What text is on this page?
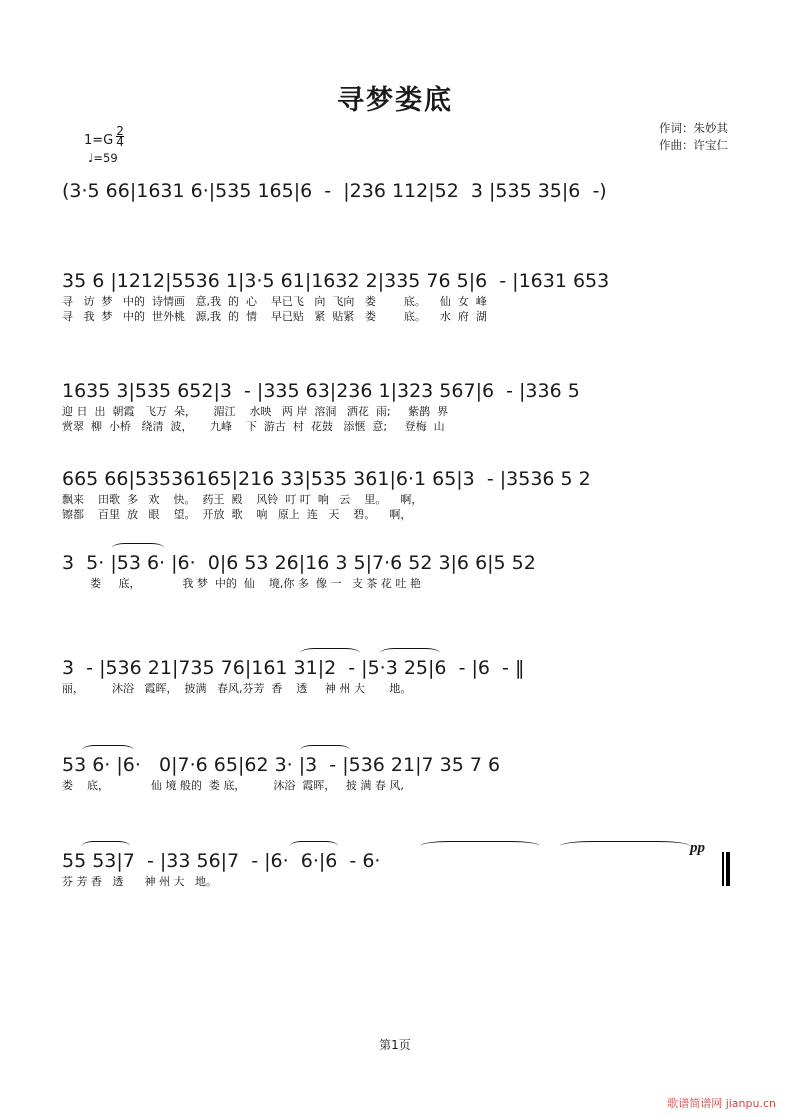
寻梦娄底
作词：朱妙其
作曲：许宝仁
$1=G \frac{2}{4}$
♩=59
(3·5 66|1631 6·|535 165|6  -  |236 112|52  3 |535 35|6  -)
35 6 |1212|5536 1|3·5 61|1632 2|335 76 5|6  - |1631 653
寻   访  梦   中的  诗情画   意,我  的  心    早已飞   向  飞向   娄        底。    仙  女  峰
寻   我  梦   中的  世外桃   源,我  的  情    早已贴   紧  贴紧   娄        底。    水  府  湖
1635 3|535 652|3  - |335 63|236 1|323 567|6  - |336 5
迎 日  出  朝霞   飞万  朵，     湄江    水映   两 岸  溶洞   洒花  雨;     紫鹊  界
赏翠  柳  小桥   绕清  波，     九峰    下  游古  村  花鼓   添惬  意;     登梅  山
665 66|53536165|216 33|535 361|6·1 65|3  - |3536 5 2
飘来    田歌  多   欢    快。  药王  殿    风铃  叮 叮  响   云    里。    啊，
镲都    百里  放   眼    望。  开放  歌    响   原上  连   天    碧。    啊，
3  5· |53 6· |6·  0|6 53 26|16 3 5|7·6 52 3|6 6|5 52
娄     底，            我 梦  中的  仙    境,你 多  像 一   支 茶 花 吐 艳
3  - |536 21|735 76|161 31|2  - |5·3 25|6  - |6  - ‖
丽，        沐浴   霞晖，  披满   春风,芬芳  香    透     神 州 大       地。
53 6· |6·   0|7·6 65|62 3· |3  - |536 21|7 35 7 6
娄    底，            仙 境 般的  娄 底，        沐浴  霞晖，   披 满 春 风,
55 53|7  - |33 56|7  - |6·  6·|6  - 6·
芬 芳 香   透      神 州 大   地。
pp
第1页
歌谱简谱网 jianpu.cn
